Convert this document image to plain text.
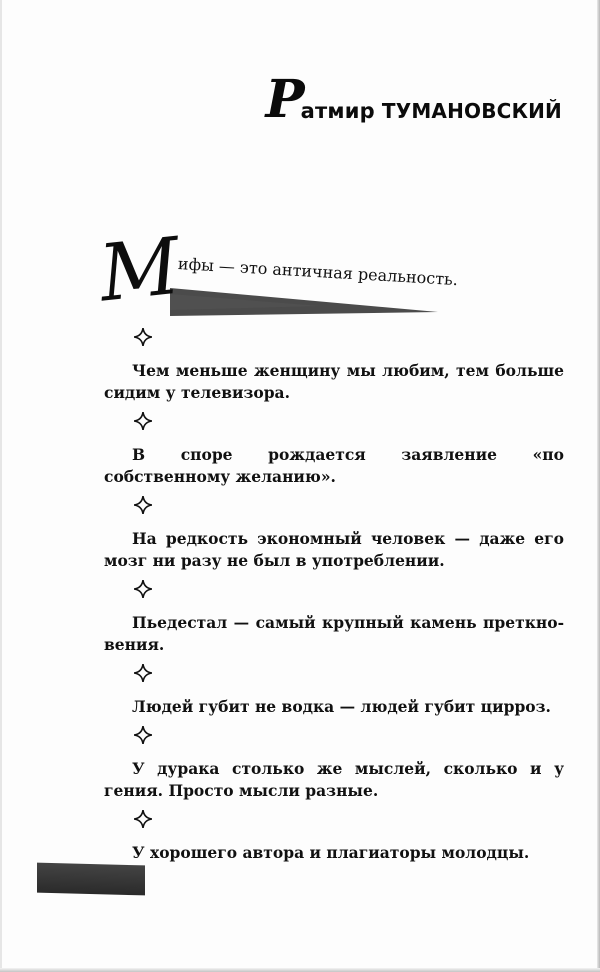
Р
атмир ТУМАНОВСКИЙ
М
ифы — это античная реальность.

Чем меньше женщину мы любим, тем больше сидим у телевизора.

В споре рождается заявление «по собственному желанию».

На редкость экономный человек — даже его мозг ни разу не был в употреблении.

Пьедестал — самый крупный камень преткно-вения.

Людей губит не водка — людей губит цирроз.

У дурака столько же мыслей, сколько и у гения. Просто мысли разные.

У хорошего автора и плагиаторы молодцы.
